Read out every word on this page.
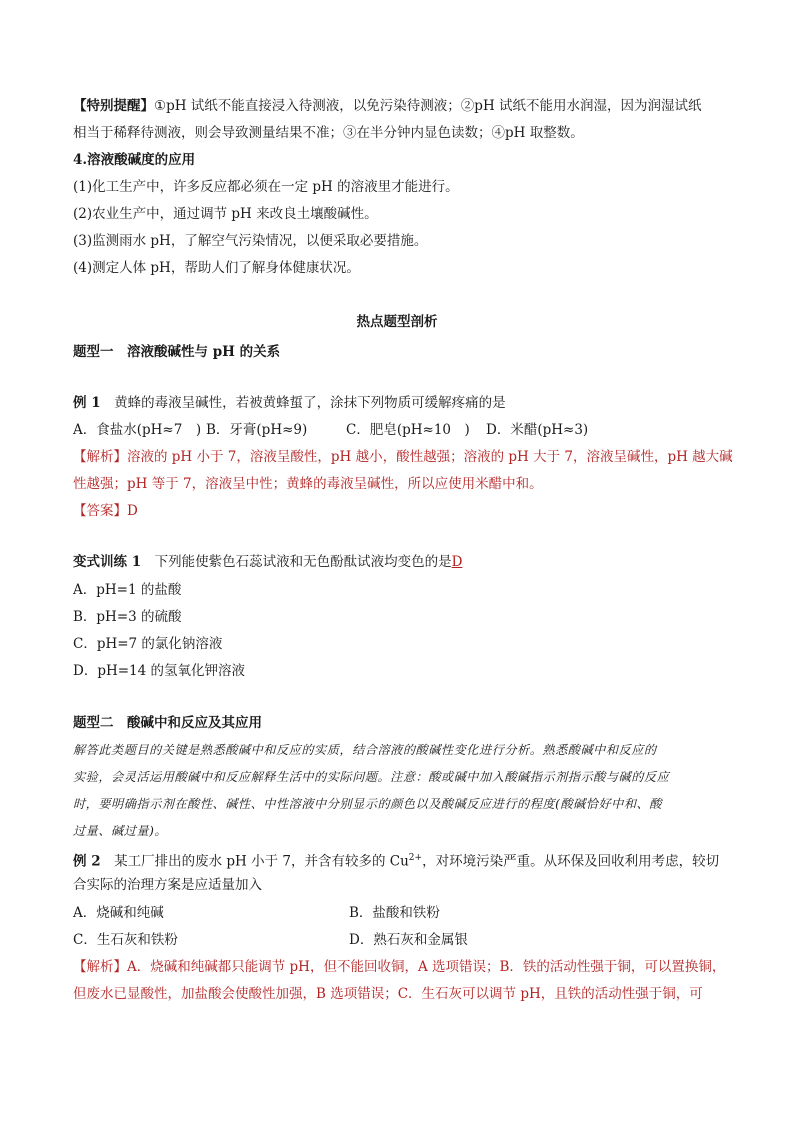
【特别提醒】①pH 试纸不能直接浸入待测液，以免污染待测液；②pH 试纸不能用水润湿，因为润湿试纸
相当于稀释待测液，则会导致测量结果不准；③在半分钟内显色读数；④pH 取整数。
4.溶液酸碱度的应用
(1)化工生产中，许多反应都必须在一定 pH 的溶液里才能进行。
(2)农业生产中，通过调节 pH 来改良土壤酸碱性。
(3)监测雨水 pH，了解空气污染情况，以便采取必要措施。
(4)测定人体 pH，帮助人们了解身体健康状况。
热点题型剖析
题型一　溶液酸碱性与 pH 的关系
例 1　 黄蜂的毒液呈碱性，若被黄蜂蜇了，涂抹下列物质可缓解疼痛的是
A．食盐水(pH≈7　) B．牙膏(pH≈9)	C．肥皂(pH≈10　) D．米醋(pH≈3)
【解析】溶液的 pH 小于 7，溶液呈酸性，pH 越小，酸性越强；溶液的 pH 大于 7，溶液呈碱性，pH 越大碱
性越强；pH 等于 7，溶液呈中性；黄蜂的毒液呈碱性，所以应使用米醋中和。
【答案】D
变式训练 1　 下列能使紫色石蕊试液和无色酚酞试液均变色的是D
A．pH=1 的盐酸
B．pH=3 的硫酸
C．pH=7 的氯化钠溶液
D．pH=14 的氢氧化钾溶液
题型二　酸碱中和反应及其应用
解答此类题目的关键是熟悉酸碱中和反应的实质，结合溶液的酸碱性变化进行分析。熟悉酸碱中和反应的
实验，会灵活运用酸碱中和反应解释生活中的实际问题。注意：酸或碱中加入酸碱指示剂指示酸与碱的反应
时，要明确指示剂在酸性、碱性、中性溶液中分别显示的颜色以及酸碱反应进行的程度(酸碱恰好中和、酸
过量、碱过量)。
例 2　 某工厂排出的废水 pH 小于 7，并含有较多的 $Cu^{2+}$，对环境污染严重。从环保及回收利用考虑，较切
合实际的治理方案是应适量加入
A．烧碱和纯碱	B．盐酸和铁粉
C．生石灰和铁粉	D．熟石灰和金属银
【解析】A．烧碱和纯碱都只能调节 pH，但不能回收铜，A 选项错误；B．铁的活动性强于铜，可以置换铜，
但废水已显酸性，加盐酸会使酸性加强，B 选项错误；C．生石灰可以调节 pH，且铁的活动性强于铜，可
